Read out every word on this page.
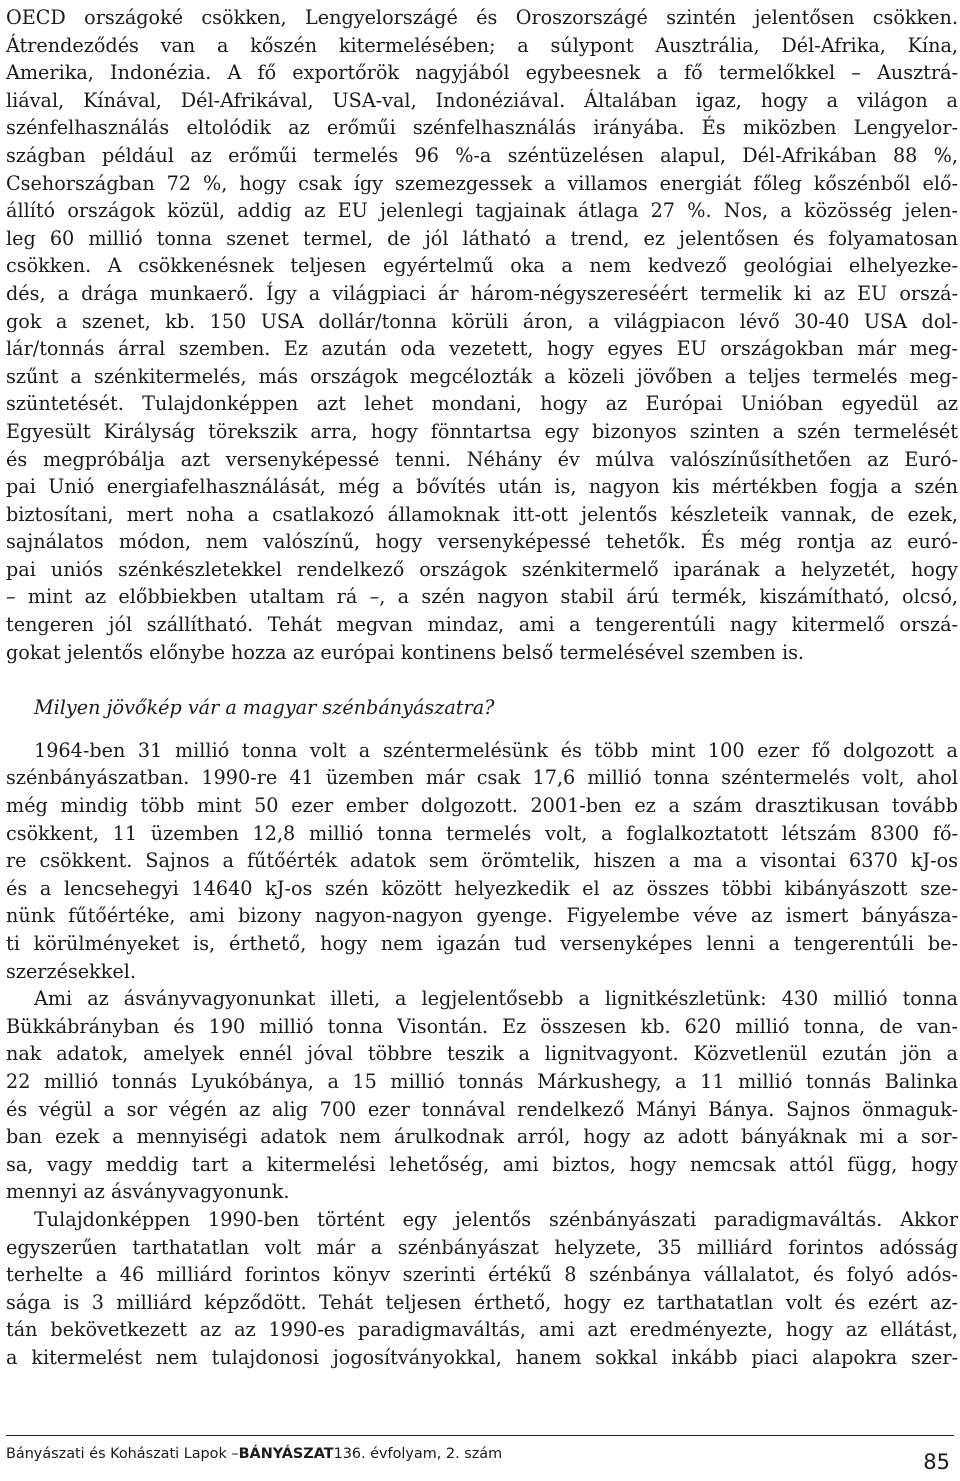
OECD országoké csökken, Lengyelországé és Oroszországé szintén jelentősen csökken.
Átrendeződés van a kőszén kitermelésében; a súlypont Ausztrália, Dél-Afrika, Kína,
Amerika, Indonézia. A fő exportőrök nagyjából egybeesnek a fő termelőkkel – Ausztrá-
liával, Kínával, Dél-Afrikával, USA-val, Indonéziával. Általában igaz, hogy a világon a
szénfelhasználás eltolódik az erőműi szénfelhasználás irányába. És miközben Lengyelor-
szágban például az erőműi termelés 96 %-a széntüzelésen alapul, Dél-Afrikában 88 %,
Csehországban 72 %, hogy csak így szemezgessek a villamos energiát főleg kőszénből elő-
állító országok közül, addig az EU jelenlegi tagjainak átlaga 27 %. Nos, a közösség jelen-
leg 60 millió tonna szenet termel, de jól látható a trend, ez jelentősen és folyamatosan
csökken. A csökkenésnek teljesen egyértelmű oka a nem kedvező geológiai elhelyezke-
dés, a drága munkaerő. Így a világpiaci ár három-négyszereséért termelik ki az EU orszá-
gok a szenet, kb. 150 USA dollár/tonna körüli áron, a világpiacon lévő 30-40 USA dol-
lár/tonnás árral szemben. Ez azután oda vezetett, hogy egyes EU országokban már meg-
szűnt a szénkitermelés, más országok megcélozták a közeli jövőben a teljes termelés meg-
szüntetését. Tulajdonképpen azt lehet mondani, hogy az Európai Unióban egyedül az
Egyesült Királyság törekszik arra, hogy fönntartsa egy bizonyos szinten a szén termelését
és megpróbálja azt versenyképessé tenni. Néhány év múlva valószínűsíthetően az Euró-
pai Unió energiafelhasználását, még a bővítés után is, nagyon kis mértékben fogja a szén
biztosítani, mert noha a csatlakozó államoknak itt-ott jelentős készleteik vannak, de ezek,
sajnálatos módon, nem valószínű, hogy versenyképessé tehetők. És még rontja az euró-
pai uniós szénkészletekkel rendelkező országok szénkitermelő iparának a helyzetét, hogy
– mint az előbbiekben utaltam rá –, a szén nagyon stabil árú termék, kiszámítható, olcsó,
tengeren jól szállítható. Tehát megvan mindaz, ami a tengerentúli nagy kitermelő orszá-
gokat jelentős előnybe hozza az európai kontinens belső termelésével szemben is.
Milyen jövőkép vár a magyar szénbányászatra?
1964-ben 31 millió tonna volt a széntermelésünk és több mint 100 ezer fő dolgozott a
szénbányászatban. 1990-re 41 üzemben már csak 17,6 millió tonna széntermelés volt, ahol
még mindig több mint 50 ezer ember dolgozott. 2001-ben ez a szám drasztikusan tovább
csökkent, 11 üzemben 12,8 millió tonna termelés volt, a foglalkoztatott létszám 8300 fő-
re csökkent. Sajnos a fűtőérték adatok sem örömtelik, hiszen a ma a visontai 6370 kJ-os
és a lencsehegyi 14640 kJ-os szén között helyezkedik el az összes többi kibányászott sze-
nünk fűtőértéke, ami bizony nagyon-nagyon gyenge. Figyelembe véve az ismert bányásza-
ti körülményeket is, érthető, hogy nem igazán tud versenyképes lenni a tengerentúli be-
szerzésekkel.
Ami az ásványvagyonunkat illeti, a legjelentősebb a lignitkészletünk: 430 millió tonna
Bükkábrányban és 190 millió tonna Visontán. Ez összesen kb. 620 millió tonna, de van-
nak adatok, amelyek ennél jóval többre teszik a lignitvagyont. Közvetlenül ezután jön a
22 millió tonnás Lyukóbánya, a 15 millió tonnás Márkushegy, a 11 millió tonnás Balinka
és végül a sor végén az alig 700 ezer tonnával rendelkező Mányi Bánya. Sajnos önmaguk-
ban ezek a mennyiségi adatok nem árulkodnak arról, hogy az adott bányáknak mi a sor-
sa, vagy meddig tart a kitermelési lehetőség, ami biztos, hogy nemcsak attól függ, hogy
mennyi az ásványvagyonunk.
Tulajdonképpen 1990-ben történt egy jelentős szénbányászati paradigmaváltás. Akkor
egyszerűen tarthatatlan volt már a szénbányászat helyzete, 35 milliárd forintos adósság
terhelte a 46 milliárd forintos könyv szerinti értékű 8 szénbánya vállalatot, és folyó adós-
sága is 3 milliárd képződött. Tehát teljesen érthető, hogy ez tarthatatlan volt és ezért az-
tán bekövetkezett az az 1990-es paradigmaváltás, ami azt eredményezte, hogy az ellátást,
a kitermelést nem tulajdonosi jogosítványokkal, hanem sokkal inkább piaci alapokra szer-
Bányászati és Kohászati Lapok –BÁNYÁSZAT136. évfolyam, 2. szám	85
